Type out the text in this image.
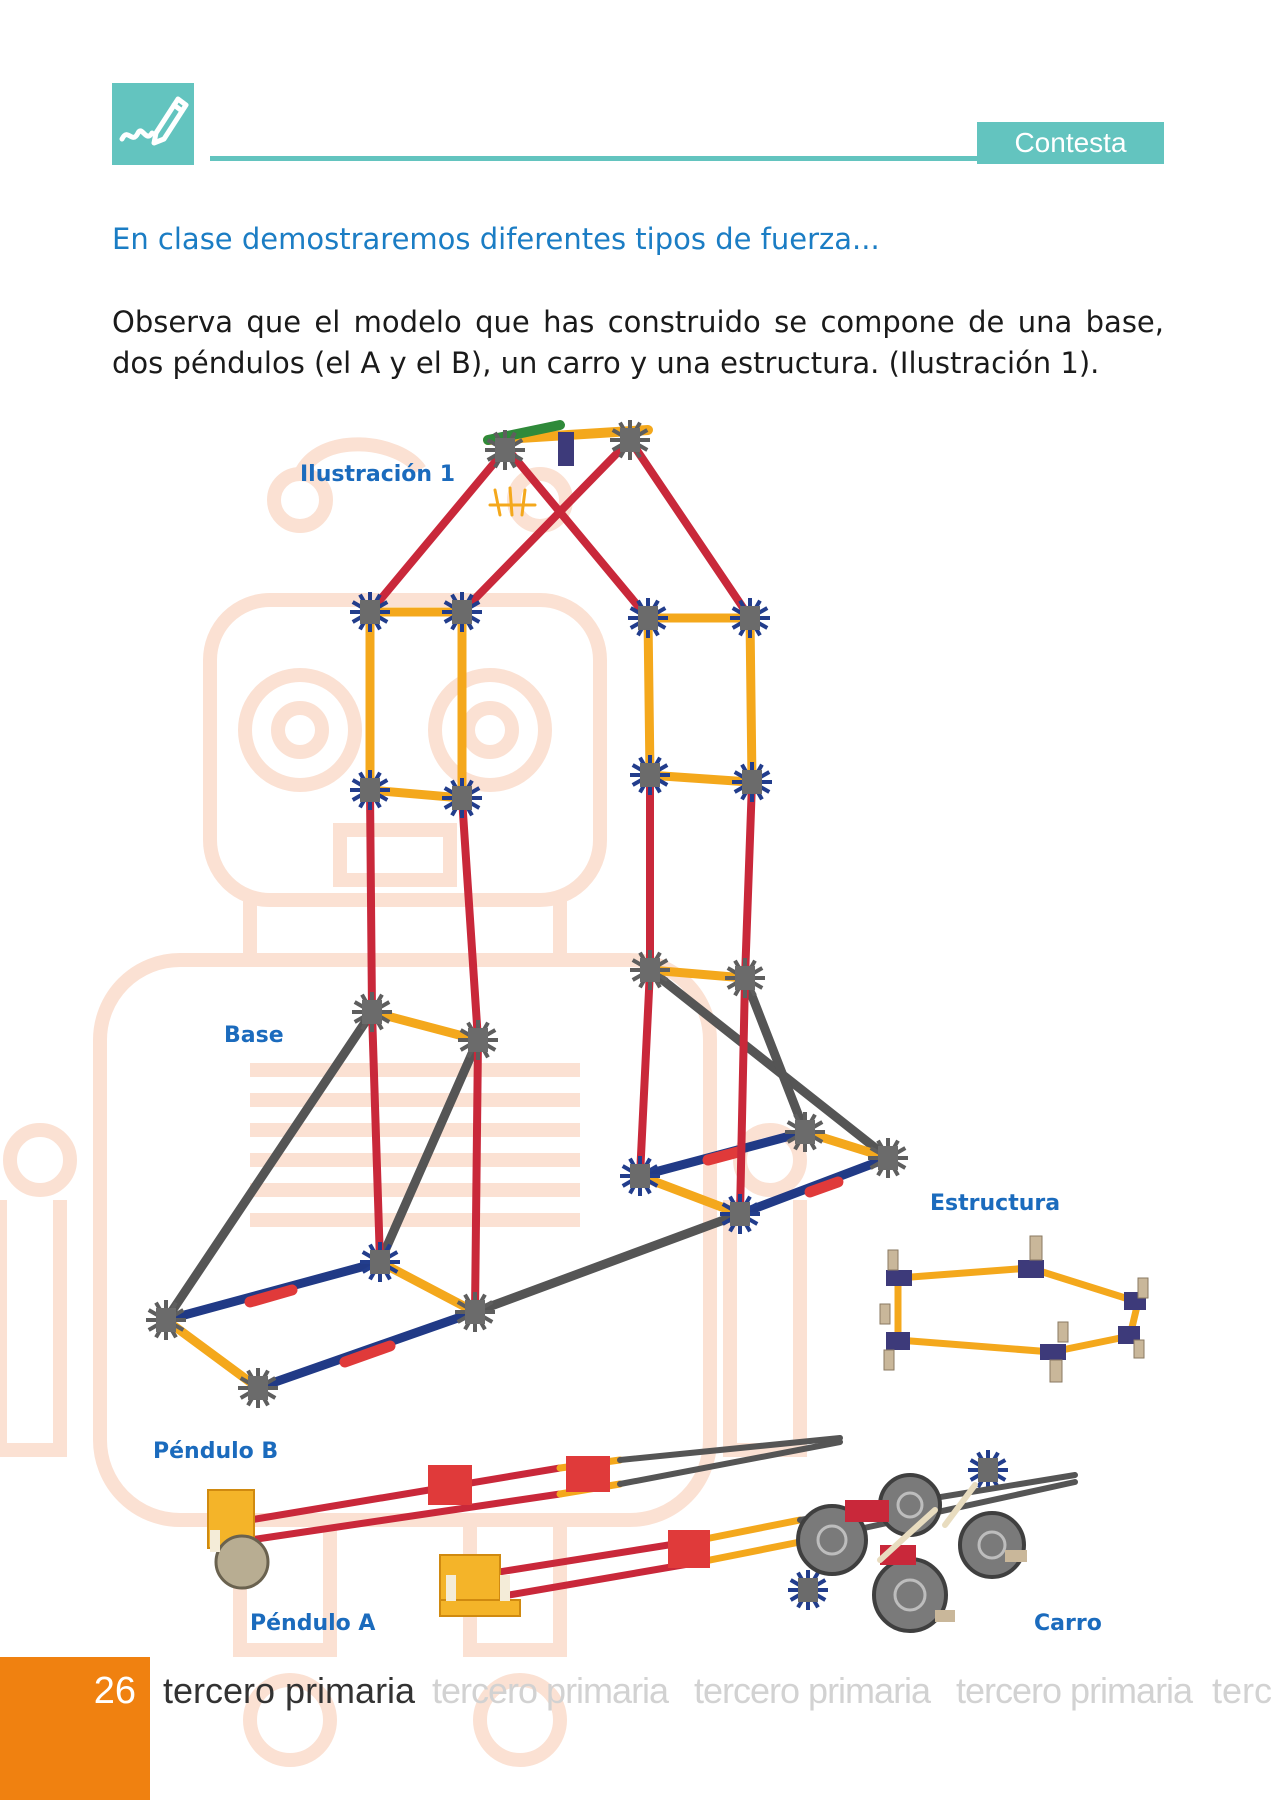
Contesta
En clase demostraremos diferentes tipos de fuerza...
Observa que el modelo que has construido se compone de una base, dos péndulos (el A y el B), un carro y una estructura. (Ilustración 1).
Ilustración 1
Base
Estructura
Péndulo B
Péndulo A	Carro
26 tercero primaria tercero primaria tercero primaria tercero primaria terc
